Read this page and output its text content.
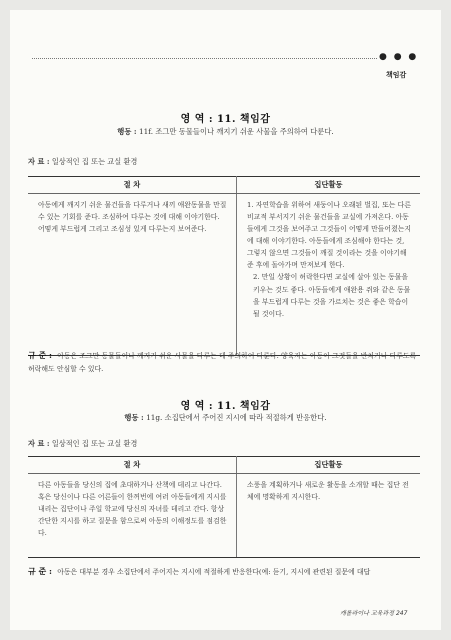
● ● ●
책임감
영 역 : 11. 책임감
행동 : 11f. 조그만 동물들이나 깨지기 쉬운 사물을 주의하여 다룬다.
자 료 : 일상적인 집 또는 교실 환경
절 차	집단활동
아동에게 깨지기 쉬운 물건들을 다루거나 새끼 애완동물을 만질 수 있는 기회를 준다. 조심하여 다루는 것에 대해 이야기한다. 어떻게 부드럽게 그리고 조심성 있게 다루는지 보여준다.	1. 자연학습을 위하여 새둥이나 오래된 벌집, 또는 다른 비교적 부서지기 쉬운 물건들을 교실에 가져온다. 아동들에게 그것을 보여주고 그것들이 어떻게 만들어졌는지에 대해 이야기한다. 아동들에게 조심해야 한다는 것, 그렇지 않으면 그것들이 깨질 것이라는 것을 이야기해 준 후에 돌아가며 만져보게 한다.
2. 만일 상황이 허락한다면 교실에 살아 있는 동물을 키우는 것도 좋다. 아동들에게 애완용 쥐와 같은 동물을 부드럽게 다루는 것을 가르치는 것은 좋은 학습이 될 것이다.
규 준 : 아동은 조그만 동물들이나 깨지기 쉬운 사물을 다루는 데 주의하여 다룬다. 양육자는 아동이 그것들을 반치거나 다루도록 허락해도 안심할 수 있다.
영 역 : 11. 책임감
행동 : 11g. 소집단에서 주어진 지시에 따라 적절하게 반응한다.
자 료 : 일상적인 집 또는 교실 환경
절 차	집단활동
다른 아동들을 당신의 집에 초대하거나 산책에 데리고 나간다. 혹은 당신이나 다른 어른들이 한꺼번에 여러 아동들에게 지시를 내리는 집단이나 주일 학교에 당신의 자녀를 데리고 간다. 항상 간단한 지시를 하고 질문을 함으로써 아동의 이해정도를 점검한다.	소풍을 계획하거나 새로운 활동을 소개할 때는 집단 전체에 명확하게 지시한다.
규 준 : 아동은 대부분 경우 소집단에서 주어지는 지시에 적절하게 반응한다(예: 듣기, 지시에 관련된 질문에 대답
캐롤라이나 교육과정 247
